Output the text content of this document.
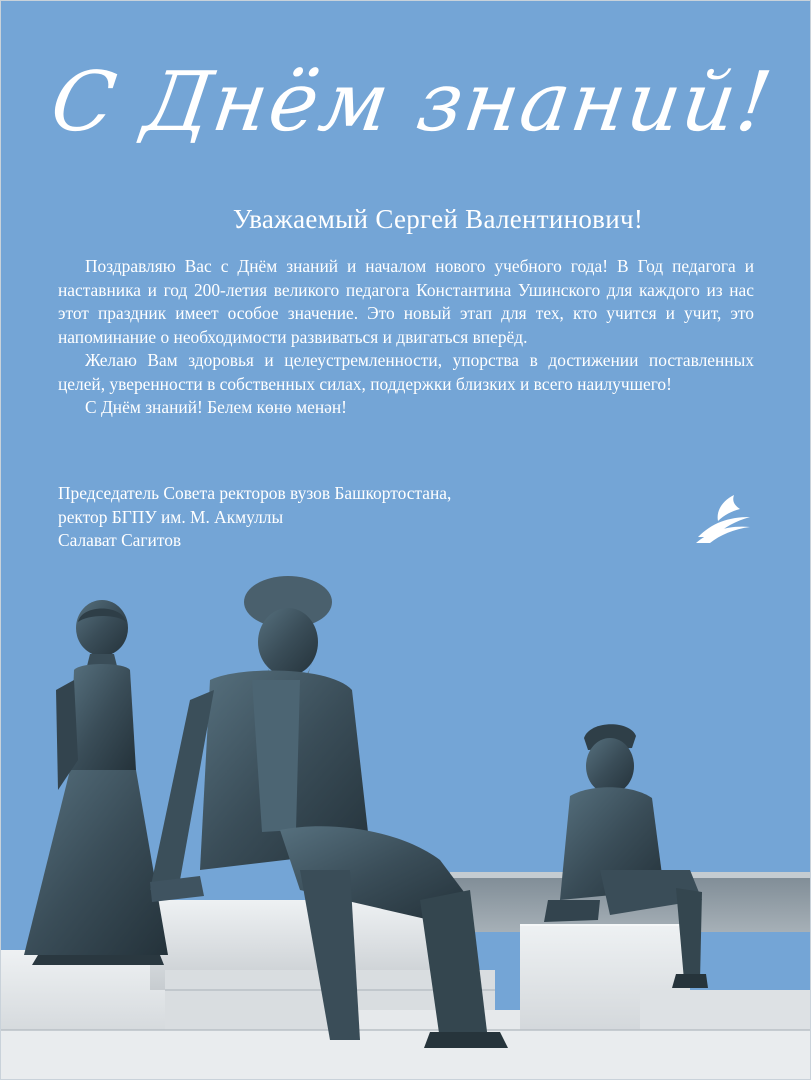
С Днём знаний!
Уважаемый Сергей Валентинович!

Поздравляю Вас с Днём знаний и началом нового учебного года! В Год педагога и наставника и год 200-летия великого педагога Константина Ушинского для каждого из нас этот праздник имеет особое значение. Это новый этап для тех, кто учится и учит, это напоминание о необходимости развиваться и двигаться вперёд.

Желаю Вам здоровья и целеустремленности, упорства в достижении поставленных целей, уверенности в собственных силах, поддержки близких и всего наилучшего!

С Днём знаний! Белем көнө менән!

Председатель Совета ректоров вузов Башкортостана,
ректор БГПУ им. М. Акмуллы
Салават Сагитов
